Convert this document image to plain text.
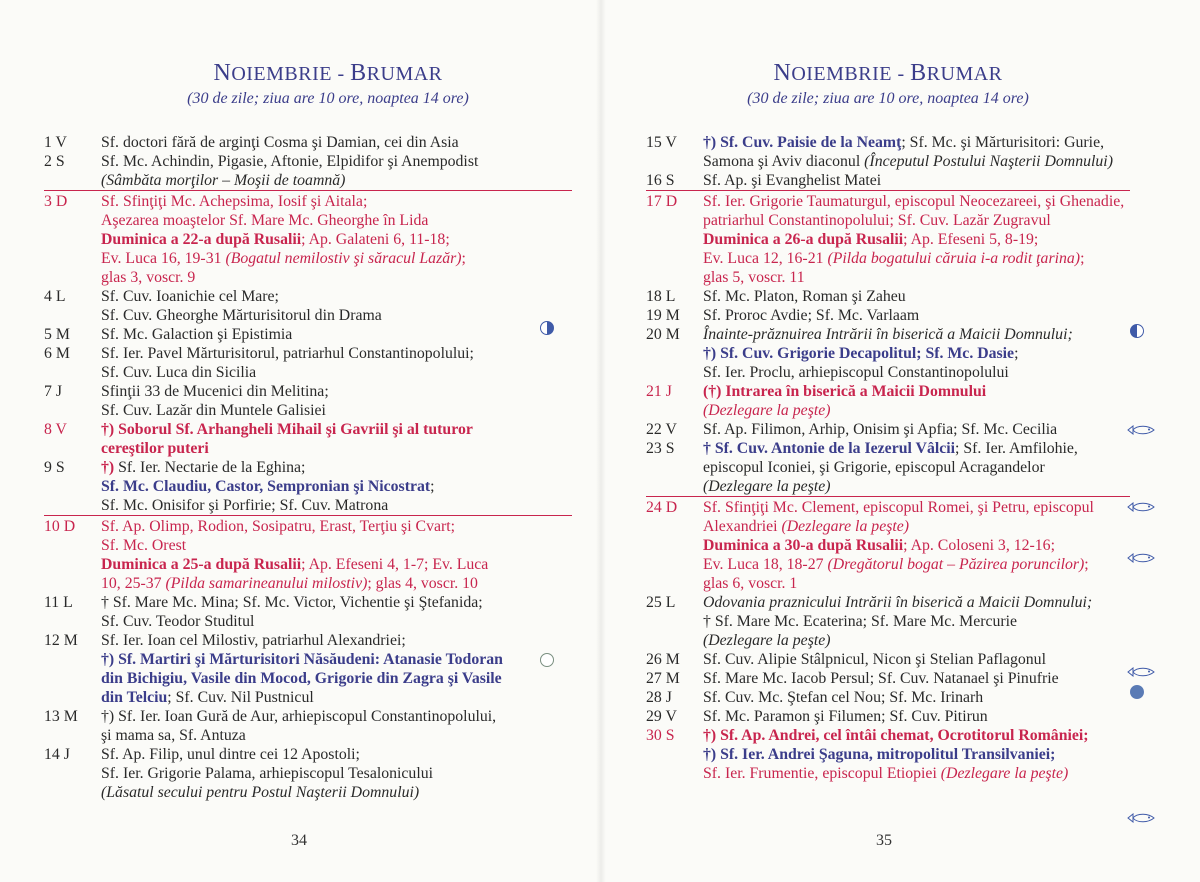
NOIEMBRIE - BRUMAR
(30 de zile; ziua are 10 ore, noaptea 14 ore)
1 V	Sf. doctori fără de arginţi Cosma şi Damian, cei din Asia
2 S	Sf. Mc. Achindin, Pigasie, Aftonie, Elpidifor şi Anempodist
(Sâmbăta morţilor – Moşii de toamnă)
3 D	Sf. Sfinţiţi Mc. Achepsima, Iosif şi Aitala;
Aşezarea moaştelor Sf. Mare Mc. Gheorghe în Lida
Duminica a 22-a după Rusalii; Ap. Galateni 6, 11-18;
Ev. Luca 16, 19-31 (Bogatul nemilostiv şi săracul Lazăr);
glas 3, voscr. 9
4 L	Sf. Cuv. Ioanichie cel Mare;
Sf. Cuv. Gheorghe Mărturisitorul din Drama
5 M	Sf. Mc. Galaction şi Epistimia
6 M	Sf. Ier. Pavel Mărturisitorul, patriarhul Constantinopolului;
Sf. Cuv. Luca din Sicilia
7 J	Sfinţii 33 de Mucenici din Melitina;
Sf. Cuv. Lazăr din Muntele Galisiei
8 V	†) Soborul Sf. Arhangheli Mihail şi Gavriil şi al tuturor
cereştilor puteri
9 S	†) Sf. Ier. Nectarie de la Eghina;
Sf. Mc. Claudiu, Castor, Sempronian şi Nicostrat;
Sf. Mc. Onisifor şi Porfirie; Sf. Cuv. Matrona
10 D	Sf. Ap. Olimp, Rodion, Sosipatru, Erast, Terţiu şi Cvart;
Sf. Mc. Orest
Duminica a 25-a după Rusalii; Ap. Efeseni 4, 1-7; Ev. Luca
10, 25-37 (Pilda samarineanului milostiv); glas 4, voscr. 10
11 L	† Sf. Mare Mc. Mina; Sf. Mc. Victor, Vichentie şi Ştefanida;
Sf. Cuv. Teodor Studitul
12 M	Sf. Ier. Ioan cel Milostiv, patriarhul Alexandriei;
†) Sf. Martiri şi Mărturisitori Năsăudeni: Atanasie Todoran
din Bichigiu, Vasile din Mocod, Grigorie din Zagra şi Vasile
din Telciu; Sf. Cuv. Nil Pustnicul
13 M	†) Sf. Ier. Ioan Gură de Aur, arhiepiscopul Constantinopolului,
şi mama sa, Sf. Antuza
14 J	Sf. Ap. Filip, unul dintre cei 12 Apostoli;
Sf. Ier. Grigorie Palama, arhiepiscopul Tesalonicului
(Lăsatul secului pentru Postul Naşterii Domnului)
34
NOIEMBRIE - BRUMAR
(30 de zile; ziua are 10 ore, noaptea 14 ore)
15 V	†) Sf. Cuv. Paisie de la Neamţ; Sf. Mc. şi Mărturisitori: Gurie,
Samona şi Aviv diaconul (Începutul Postului Naşterii Domnului)
16 S	Sf. Ap. şi Evanghelist Matei
17 D	Sf. Ier. Grigorie Taumaturgul, episcopul Neocezareei, şi Ghenadie,
patriarhul Constantinopolului; Sf. Cuv. Lazăr Zugravul
Duminica a 26-a după Rusalii; Ap. Efeseni 5, 8-19;
Ev. Luca 12, 16-21 (Pilda bogatului căruia i-a rodit ţarina);
glas 5, voscr. 11
18 L	Sf. Mc. Platon, Roman şi Zaheu
19 M	Sf. Proroc Avdie; Sf. Mc. Varlaam
20 M	Înainte-prăznuirea Intrării în biserică a Maicii Domnului;
†) Sf. Cuv. Grigorie Decapolitul; Sf. Mc. Dasie;
Sf. Ier. Proclu, arhiepiscopul Constantinopolului
21 J	(†) Intrarea în biserică a Maicii Domnului
(Dezlegare la peşte)
22 V	Sf. Ap. Filimon, Arhip, Onisim şi Apfia; Sf. Mc. Cecilia
23 S	† Sf. Cuv. Antonie de la Iezerul Vâlcii; Sf. Ier. Amfilohie,
episcopul Iconiei, şi Grigorie, episcopul Acragandelor
(Dezlegare la peşte)
24 D	Sf. Sfinţiţi Mc. Clement, episcopul Romei, şi Petru, episcopul
Alexandriei (Dezlegare la peşte)
Duminica a 30-a după Rusalii; Ap. Coloseni 3, 12-16;
Ev. Luca 18, 18-27 (Dregătorul bogat – Păzirea poruncilor);
glas 6, voscr. 1
25 L	Odovania praznicului Intrării în biserică a Maicii Domnului;
† Sf. Mare Mc. Ecaterina; Sf. Mare Mc. Mercurie
(Dezlegare la peşte)
26 M	Sf. Cuv. Alipie Stâlpnicul, Nicon şi Stelian Paflagonul
27 M	Sf. Mare Mc. Iacob Persul; Sf. Cuv. Natanael şi Pinufrie
28 J	Sf. Cuv. Mc. Ştefan cel Nou; Sf. Mc. Irinarh
29 V	Sf. Mc. Paramon şi Filumen; Sf. Cuv. Pitirun
30 S	†) Sf. Ap. Andrei, cel întâi chemat, Ocrotitorul României;
†) Sf. Ier. Andrei Şaguna, mitropolitul Transilvaniei;
Sf. Ier. Frumentie, episcopul Etiopiei (Dezlegare la peşte)
35
